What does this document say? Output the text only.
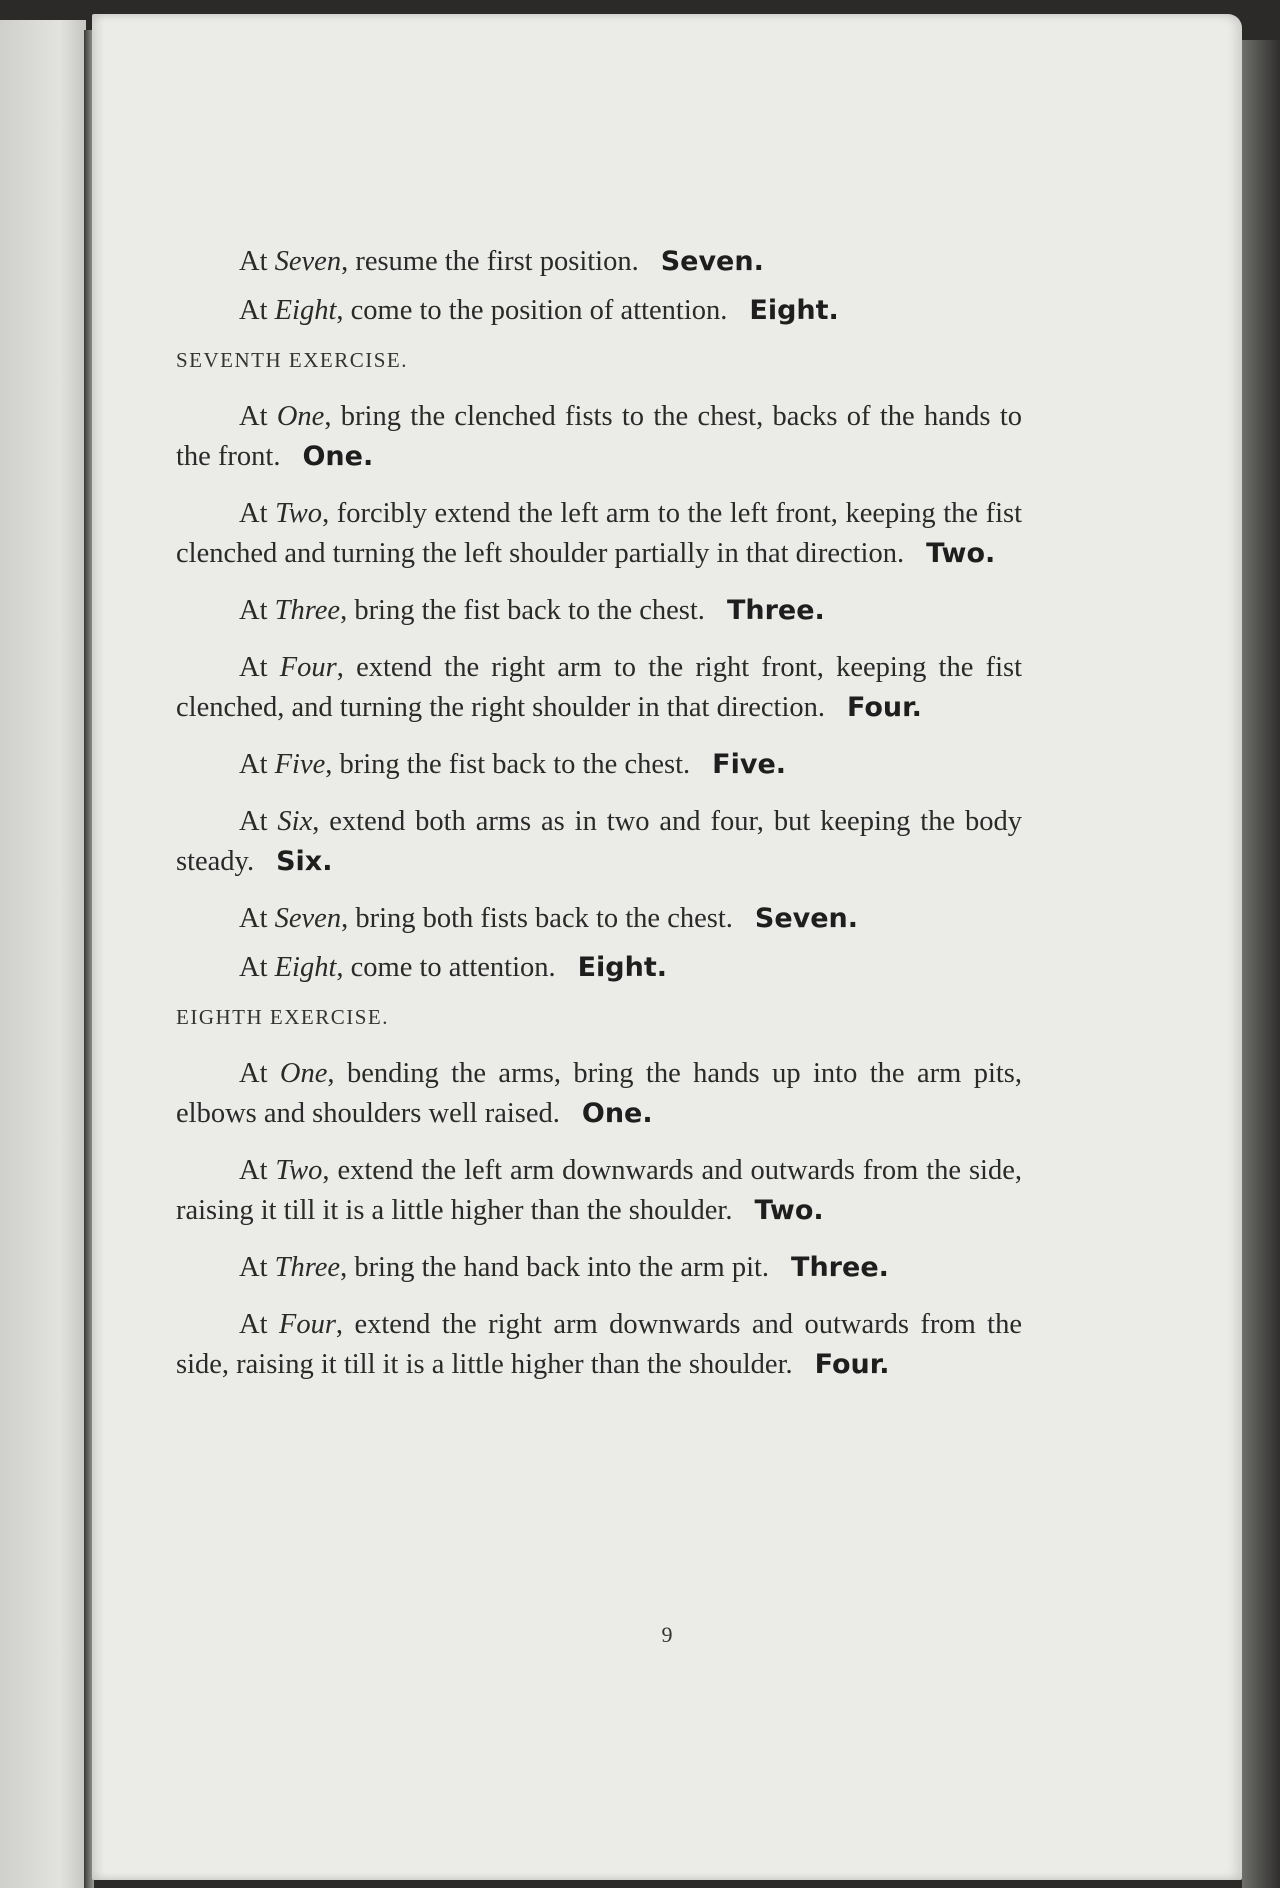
At Seven, resume the first position. Seven.

At Eight, come to the position of attention. Eight.

SEVENTH EXERCISE.

At One, bring the clenched fists to the chest, backs of the hands to the front. One.

At Two, forcibly extend the left arm to the left front, keeping the fist clenched and turning the left shoulder partially in that direction. Two.

At Three, bring the fist back to the chest. Three.

At Four, extend the right arm to the right front, keeping the fist clenched, and turning the right shoulder in that direction. Four.

At Five, bring the fist back to the chest. Five.

At Six, extend both arms as in two and four, but keeping the body steady. Six.

At Seven, bring both fists back to the chest. Seven.

At Eight, come to attention. Eight.

EIGHTH EXERCISE.

At One, bending the arms, bring the hands up into the arm pits, elbows and shoulders well raised. One.

At Two, extend the left arm downwards and outwards from the side, raising it till it is a little higher than the shoulder. Two.

At Three, bring the hand back into the arm pit. Three.

At Four, extend the right arm downwards and outwards from the side, raising it till it is a little higher than the shoulder. Four.

9
